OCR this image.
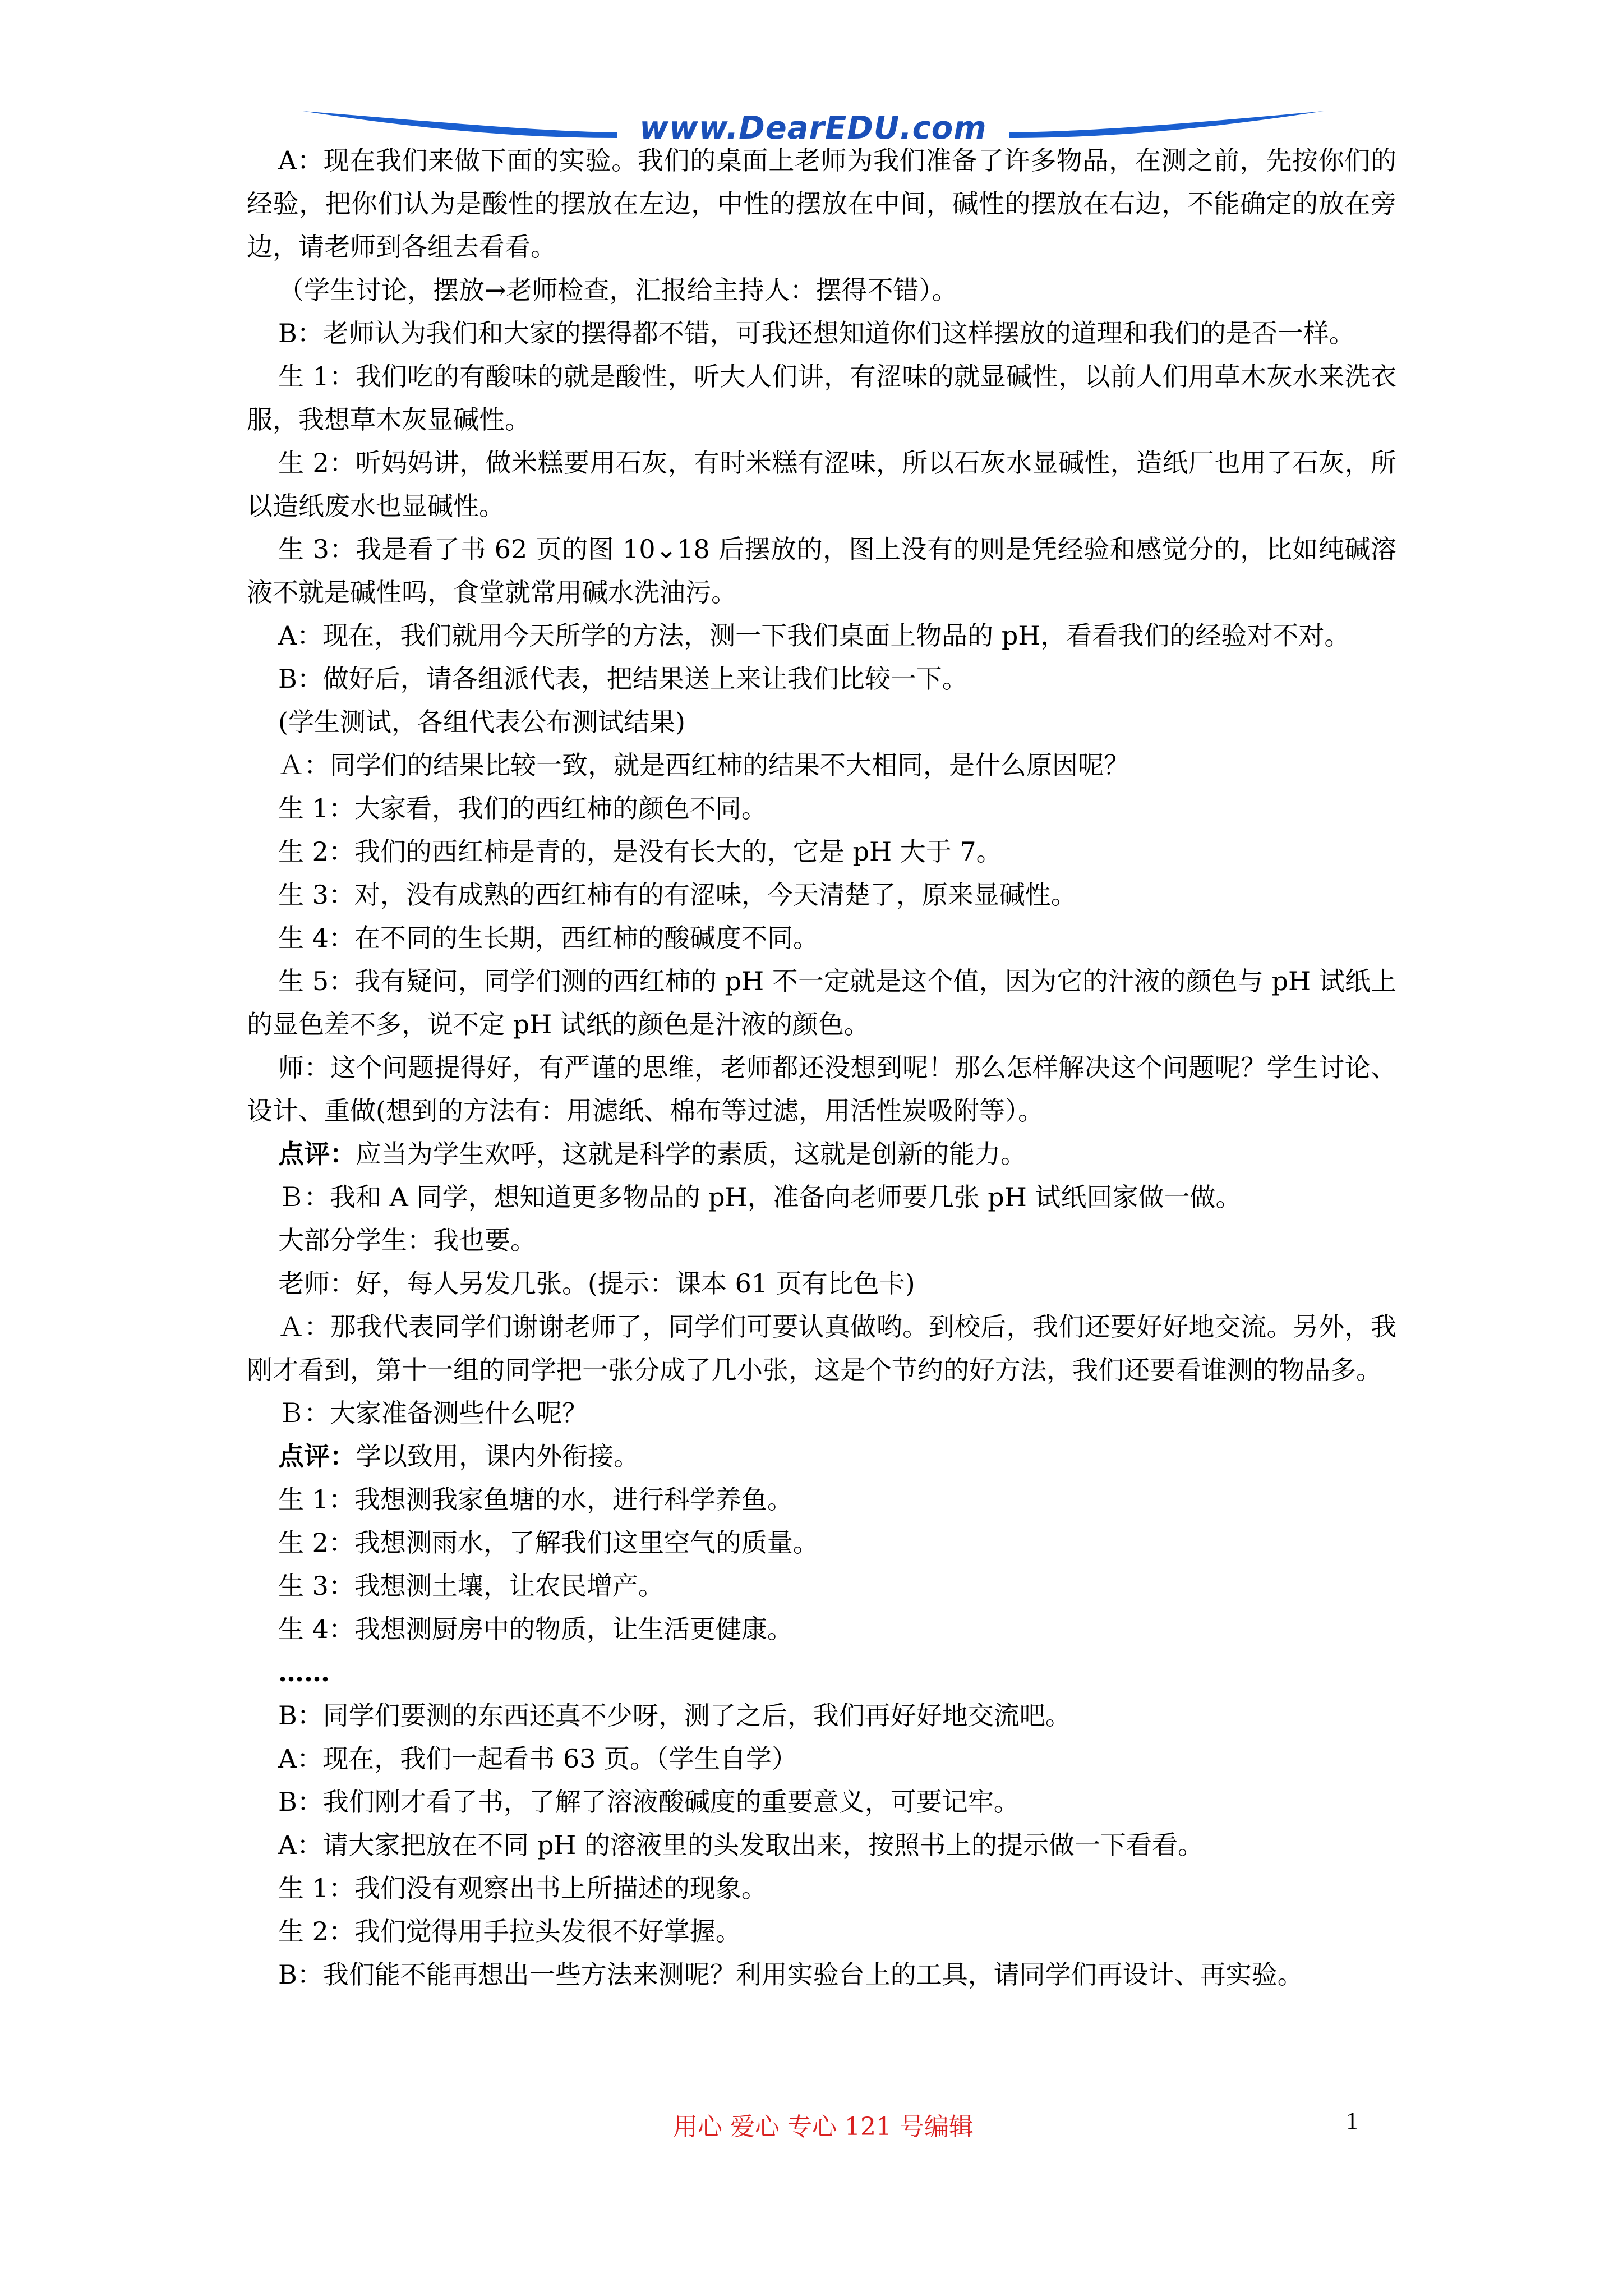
www.DearEDU.com

A：现在我们来做下面的实验。我们的桌面上老师为我们准备了许多物品，在测之前，先按你们的经验，把你们认为是酸性的摆放在左边，中性的摆放在中间，碱性的摆放在右边，不能确定的放在旁边，请老师到各组去看看。

（学生讨论，摆放→老师检查，汇报给主持人：摆得不错）。

B：老师认为我们和大家的摆得都不错，可我还想知道你们这样摆放的道理和我们的是否一样。

生 1：我们吃的有酸味的就是酸性，听大人们讲，有涩味的就显碱性，以前人们用草木灰水来洗衣服，我想草木灰显碱性。

生 2：听妈妈讲，做米糕要用石灰，有时米糕有涩味，所以石灰水显碱性，造纸厂也用了石灰，所以造纸废水也显碱性。

生 3：我是看了书 62 页的图 10⌄18 后摆放的，图上没有的则是凭经验和感觉分的，比如纯碱溶液不就是碱性吗，食堂就常用碱水洗油污。

A：现在，我们就用今天所学的方法，测一下我们桌面上物品的 pH，看看我们的经验对不对。

B：做好后，请各组派代表，把结果送上来让我们比较一下。

(学生测试，各组代表公布测试结果)

Ａ：同学们的结果比较一致，就是西红柿的结果不大相同，是什么原因呢？

生 1：大家看，我们的西红柿的颜色不同。

生 2：我们的西红柿是青的，是没有长大的，它是 pH 大于 7。

生 3：对，没有成熟的西红柿有的有涩味，今天清楚了，原来显碱性。

生 4：在不同的生长期，西红柿的酸碱度不同。

生 5：我有疑问，同学们测的西红柿的 pH 不一定就是这个值，因为它的汁液的颜色与 pH 试纸上的显色差不多，说不定 pH 试纸的颜色是汁液的颜色。

师：这个问题提得好，有严谨的思维，老师都还没想到呢！那么怎样解决这个问题呢？学生讨论、设计、重做(想到的方法有：用滤纸、棉布等过滤，用活性炭吸附等）。

点评：应当为学生欢呼，这就是科学的素质，这就是创新的能力。

Ｂ：我和 A 同学，想知道更多物品的 pH，准备向老师要几张 pH 试纸回家做一做。

大部分学生：我也要。

老师：好，每人另发几张。(提示：课本 61 页有比色卡)

Ａ：那我代表同学们谢谢老师了，同学们可要认真做哟。到校后，我们还要好好地交流。另外，我刚才看到，第十一组的同学把一张分成了几小张，这是个节约的好方法，我们还要看谁测的物品多。

Ｂ：大家准备测些什么呢？

点评：学以致用，课内外衔接。

生 1：我想测我家鱼塘的水，进行科学养鱼。

生 2：我想测雨水，了解我们这里空气的质量。

生 3：我想测土壤，让农民增产。

生 4：我想测厨房中的物质，让生活更健康。

……

B：同学们要测的东西还真不少呀，测了之后，我们再好好地交流吧。

A：现在，我们一起看书 63 页。（学生自学）

B：我们刚才看了书，了解了溶液酸碱度的重要意义，可要记牢。

A：请大家把放在不同 pH 的溶液里的头发取出来，按照书上的提示做一下看看。

生 1：我们没有观察出书上所描述的现象。

生 2：我们觉得用手拉头发很不好掌握。

B：我们能不能再想出一些方法来测呢？利用实验台上的工具，请同学们再设计、再实验。

用心 爱心 专心 121 号编辑	1
